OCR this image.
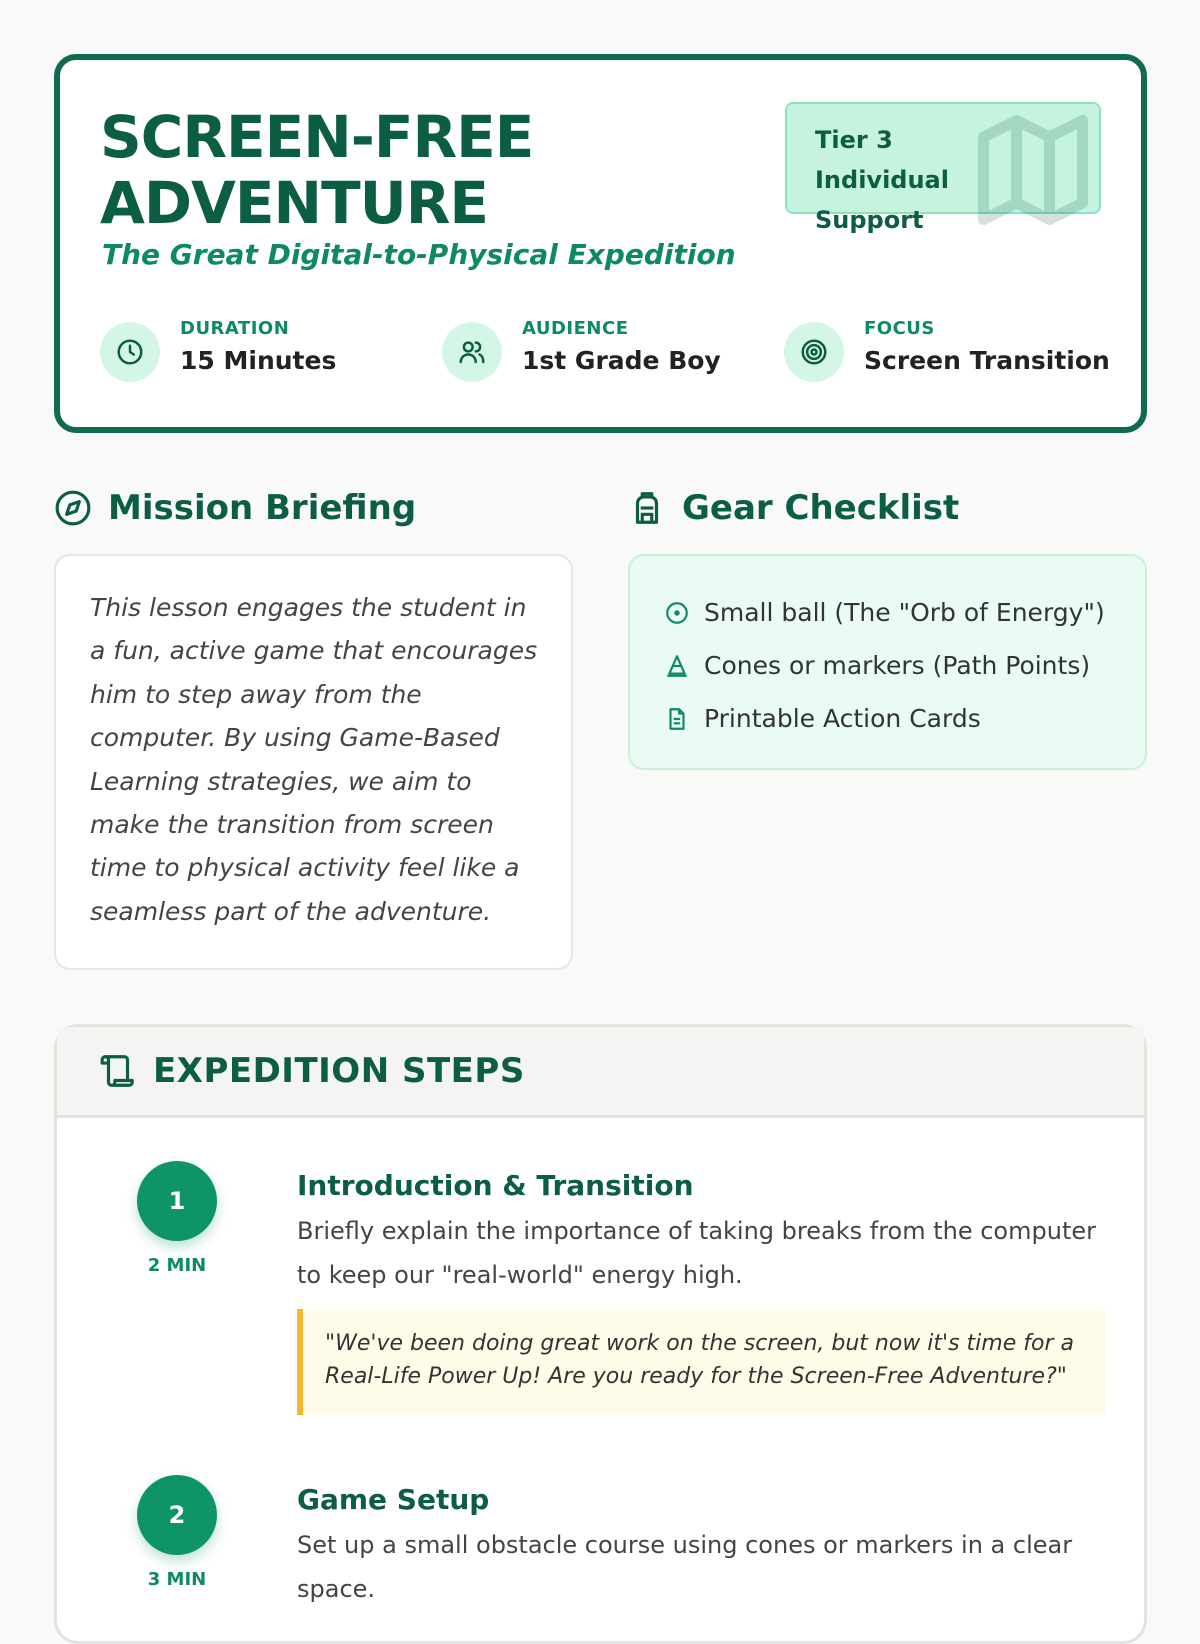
SCREEN-FREE ADVENTURE
The Great Digital-to-Physical Expedition
Tier 3 Individual Support
DURATION
15 Minutes
AUDIENCE
1st Grade Boy
FOCUS
Screen Transition
Mission Briefing

This lesson engages the student in a fun, active game that encourages him to step away from the computer. By using Game-Based Learning strategies, we aim to make the transition from screen time to physical activity feel like a seamless part of the adventure.

Gear Checklist
Small ball (The "Orb of Energy")
Cones or markers (Path Points)
Printable Action Cards
EXPEDITION STEPS
1
2 MIN
Introduction & Transition
Briefly explain the importance of taking breaks from the computer to keep our "real-world" energy high.
"We've been doing great work on the screen, but now it's time for a Real-Life Power Up! Are you ready for the Screen-Free Adventure?"
2
3 MIN
Game Setup
Set up a small obstacle course using cones or markers in a clear space.
